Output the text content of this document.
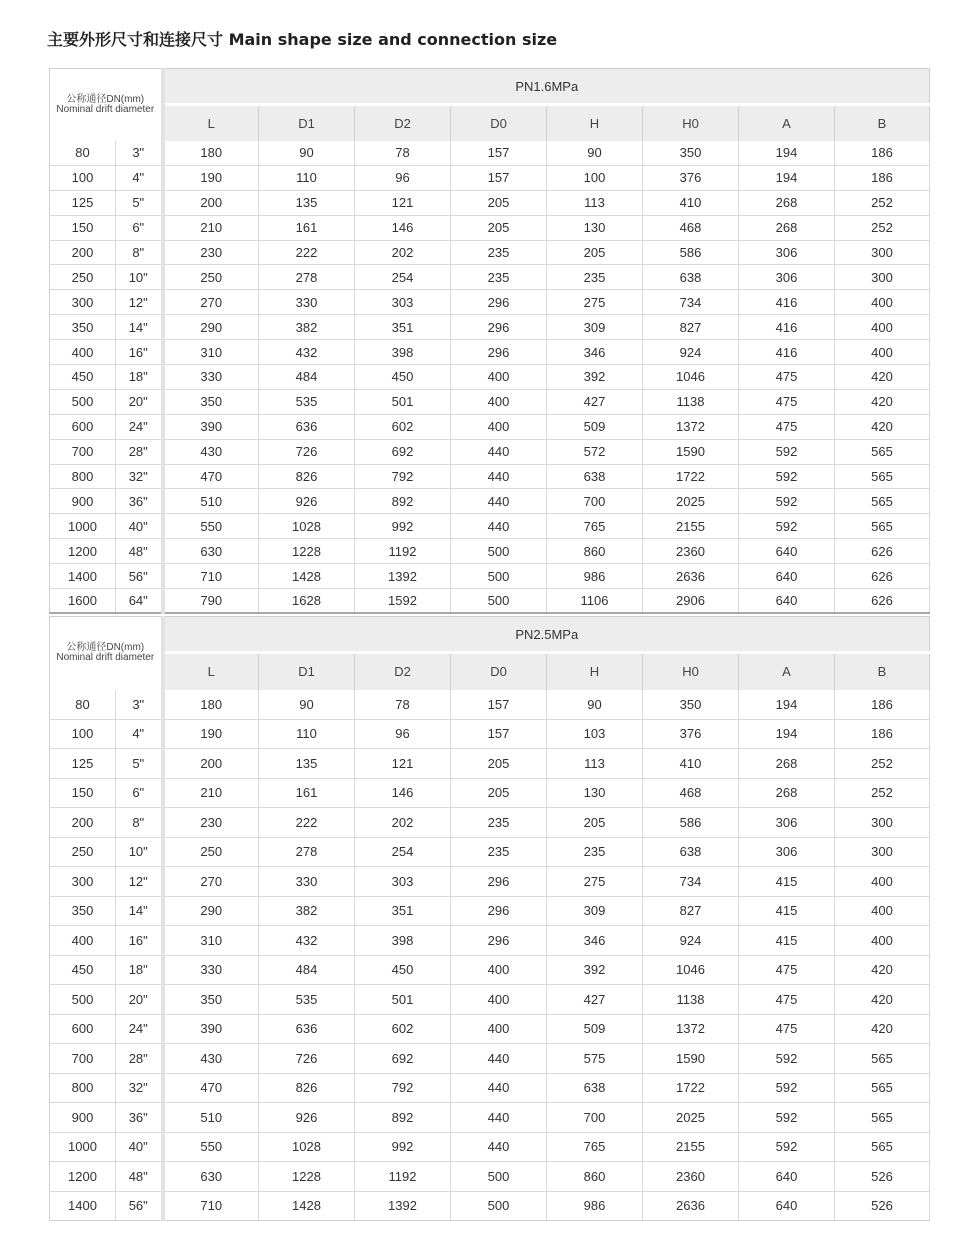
主要外形尺寸和连接尺寸 Main shape size and connection size
公称通径DN(mm)
Nominal drift diameter		PN1.6MPa							
		L	D1	D2	D0	H	H0	A	B
80	3"	180	90	78	157	90	350	194	186
100	4"	190	110	96	157	100	376	194	186
125	5"	200	135	121	205	113	410	268	252
150	6"	210	161	146	205	130	468	268	252
200	8"	230	222	202	235	205	586	306	300
250	10"	250	278	254	235	235	638	306	300
300	12"	270	330	303	296	275	734	416	400
350	14"	290	382	351	296	309	827	416	400
400	16"	310	432	398	296	346	924	416	400
450	18"	330	484	450	400	392	1046	475	420
500	20"	350	535	501	400	427	1138	475	420
600	24"	390	636	602	400	509	1372	475	420
700	28"	430	726	692	440	572	1590	592	565
800	32"	470	826	792	440	638	1722	592	565
900	36"	510	926	892	440	700	2025	592	565
1000	40"	550	1028	992	440	765	2155	592	565
1200	48"	630	1228	1192	500	860	2360	640	626
1400	56"	710	1428	1392	500	986	2636	640	626
1600	64"	790	1628	1592	500	1106	2906	640	626
公称通径DN(mm)
Nominal drift diameter		PN2.5MPa							
		L	D1	D2	D0	H	H0	A	B
80	3"	180	90	78	157	90	350	194	186
100	4"	190	110	96	157	103	376	194	186
125	5"	200	135	121	205	113	410	268	252
150	6"	210	161	146	205	130	468	268	252
200	8"	230	222	202	235	205	586	306	300
250	10"	250	278	254	235	235	638	306	300
300	12"	270	330	303	296	275	734	415	400
350	14"	290	382	351	296	309	827	415	400
400	16"	310	432	398	296	346	924	415	400
450	18"	330	484	450	400	392	1046	475	420
500	20"	350	535	501	400	427	1138	475	420
600	24"	390	636	602	400	509	1372	475	420
700	28"	430	726	692	440	575	1590	592	565
800	32"	470	826	792	440	638	1722	592	565
900	36"	510	926	892	440	700	2025	592	565
1000	40"	550	1028	992	440	765	2155	592	565
1200	48"	630	1228	1192	500	860	2360	640	526
1400	56"	710	1428	1392	500	986	2636	640	526
